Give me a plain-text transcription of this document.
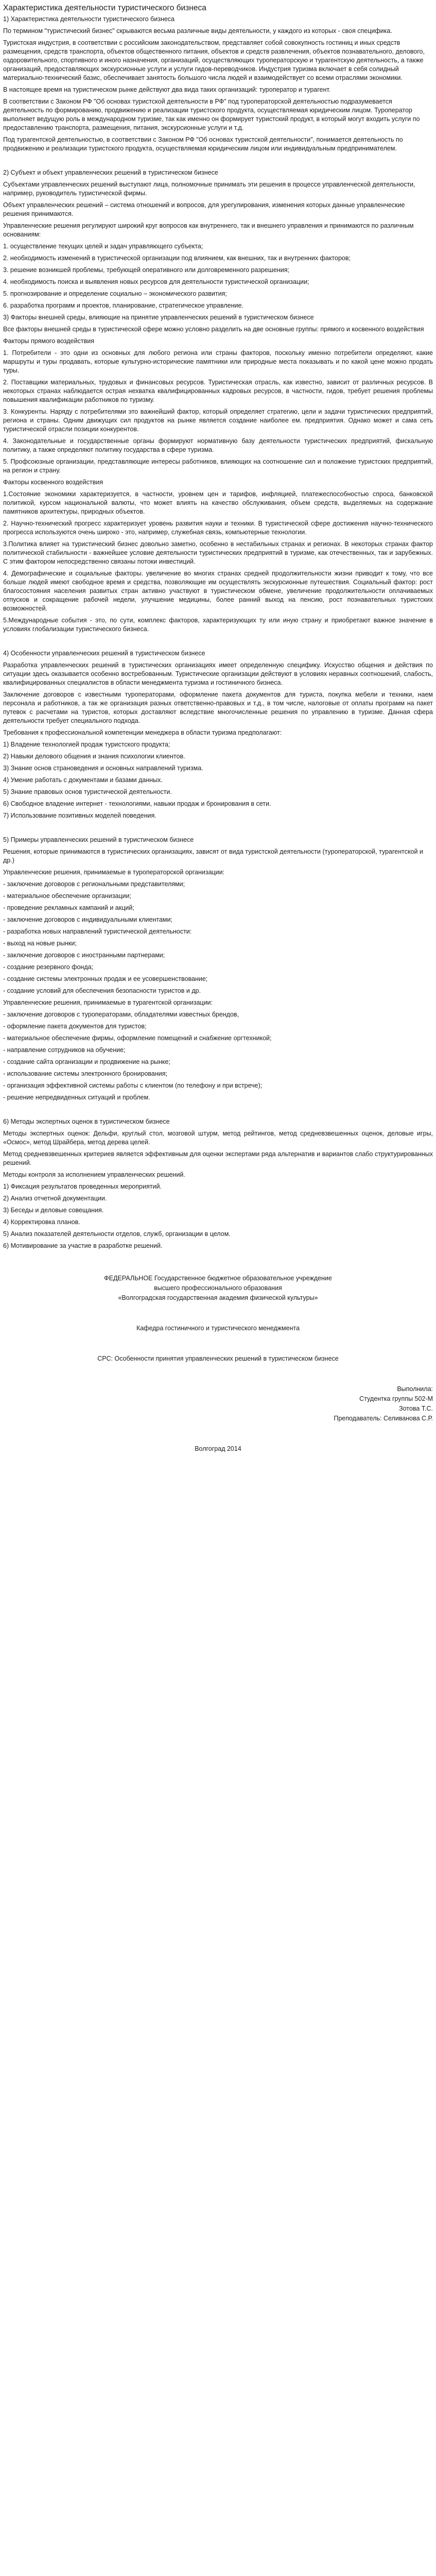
Характеристика деятельности туристического бизнеса
1) Характеристика деятельности туристического бизнеса
По термином "туристический бизнес" скрываются весьма различные виды деятельности, у каждого из которых - своя специфика.
Туристская индустрия, в соответствии с российским законодательством, представляет собой совокупность гостиниц и иных средств размещения, средств транспорта, объектов общественного питания, объектов и средств развлечения, объектов познавательного, делового, оздоровительного, спортивного и иного назначения, организаций, осуществляющих туроператорскую и турагентскую деятельность, а также организаций, предоставляющих экскурсионные услуги и услуги гидов-переводчиков. Индустрия туризма включает в себя солидный материально-технический базис, обеспечивает занятость большого числа людей и взаимодействует со всеми отраслями экономики.
В настоящее время на туристическом рынке действуют два вида таких организаций: туроператор и турагент.
В соответствии с Законом РФ "Об основах туристской деятельности в РФ" под туроператорской деятельностью подразумевается деятельность по формированию, продвижению и реализации туристского продукта, осуществляемая юридическим лицом. Туроператор выполняет ведущую роль в международном туризме, так как именно он формирует туристский продукт, в который могут входить услуги по предоставлению транспорта, размещения, питания, экскурсионные услуги и т.д.
Под турагентской деятельностью, в соответствии с Законом РФ "Об основах туристской деятельности", понимается деятельность по продвижению и реализации туристского продукта, осуществляемая юридическим лицом или индивидуальным предпринимателем.
2) Субъект и объект управленческих решений в туристическом бизнесе
Субъектами управленческих решений выступают лица, полномочные принимать эти решения в процессе управленческой деятельности, например, руководитель туристической фирмы.
Объект управленческих решений – система отношений и вопросов, для урегулирования, изменения которых данные управленческие решения принимаются.
Управленческие решения регулируют широкий круг вопросов как внутреннего, так и внешнего управления и принимаются по различным основаниям:
1. осуществление текущих целей и задач управляющего субъекта;
2. необходимость изменений в туристической организации под влиянием, как внешних, так и внутренних факторов;
3. решение возникшей проблемы, требующей оперативного или долговременного разрешения;
4. необходимость поиска и выявления новых ресурсов для деятельности туристической организации;
5. прогнозирование и определение социально – экономического развития;
6. разработка программ и проектов, планирование, стратегическое управление.
3) Факторы внешней среды, влияющие на принятие управленческих решений в туристическом бизнесе
Все факторы внешней среды в туристической сфере можно условно разделить на две основные группы: прямого и косвенного воздействия
Факторы прямого воздействия
1. Потребители - это одни из основных для любого региона или страны факторов, поскольку именно потребители определяют, какие маршруты и туры продавать, которые культурно-исторические памятники или природные места показывать и по какой цене можно продать туры.
2. Поставщики материальных, трудовых и финансовых ресурсов. Туристическая отрасль, как известно, зависит от различных ресурсов. В некоторых странах наблюдается острая нехватка квалифицированных кадровых ресурсов, в частности, гидов, требует решения проблемы повышения квалификации работников по туризму.
3. Конкуренты. Наряду с потребителями это важнейший фактор, который определяет стратегию, цели и задачи туристических предприятий, региона и страны. Одним движущих сил продуктов на рынке является создание наиболее ем. предприятия. Однако может и сама сеть туристической отрасли позиции конкурентов.
4. Законодательные и государственные органы формируют нормативную базу деятельности туристических предприятий, фискальную политику, а также определяют политику государства в сфере туризма.
5. Профсоюзные организации, представляющие интересы работников, влияющих на соотношение сил и положение туристских предприятий, на регион и страну.
Факторы косвенного воздействия
1.Состояние экономики характеризуется, в частности, уровнем цен и тарифов, инфляцией, платежеспособностью спроса, банковской политикой, курсом национальной валюты, что может влиять на качество обслуживания, объем средств, выделяемых на содержание памятников архитектуры, природных объектов.
2. Научно-технический прогресс характеризует уровень развития науки и техники. В туристической сфере достижения научно-технического прогресса используются очень широко - это, например, служебная связь, компьютерные технологии.
3.Политика влияет на туристический бизнес довольно заметно, особенно в нестабильных странах и регионах. В некоторых странах фактор политической стабильности - важнейшее условие деятельности туристических предприятий в туризме, как отечественных, так и зарубежных. С этим фактором непосредственно связаны потоки инвестиций.
4. Демографические и социальные факторы. увеличение во многих странах средней продолжительности жизни приводит к тому, что все больше людей имеют свободное время и средства, позволяющие им осуществлять экскурсионные путешествия. Социальный фактор: рост благосостояния населения развитых стран активно участвуют в туристическом обмене, увеличение продолжительности оплачиваемых отпусков и сокращение рабочей недели, улучшение медицины, более ранний выход на пенсию, рост познавательных туристских возможностей.
5.Международные события - это, по сути, комплекс факторов, характеризующих ту или иную страну и приобретают важное значение в условиях глобализации туристического бизнеса.
4) Особенности управленческих решений в туристическом бизнесе
Разработка управленческих решений в туристических организациях имеет определенную специфику. Искусство общения и действия по ситуации здесь оказывается особенно востребованным. Туристические организации действуют в условиях неравных соотношений, слабость, квалифицированных специалистов в области менеджмента туризма и гостиничного бизнеса.
Заключение договоров с известными туроператорами, оформление пакета документов для туриста, покупка мебели и техники, наем персонала и работников, а так же организация разных ответственно-правовых и т.д., в том числе, налоговые от оплаты программ на пакет путевок с расчетами на туристов, которых доставляют вследствие многочисленные решения по управлению в туризме. Данная сфера деятельности требует специального подхода.
Требования к профессиональной компетенции менеджера в области туризма предполагают:
1) Владение технологией продаж туристского продукта;
2) Навыки делового общения и знания психологии клиентов.
3) Знание основ страноведения и основных направлений туризма.
4) Умение работать с документами и базами данных.
5) Знание правовых основ туристической деятельности.
6) Свободное владение интернет - технологиями, навыки продаж и бронирования в сети.
7) Использование позитивных моделей поведения.
5) Примеры управленческих решений в туристическом бизнесе
Решения, которые принимаются в туристических организациях, зависят от вида туристской деятельности (туроператорской, турагентской и др.)
Управленческие решения, принимаемые в туроператорской организации:
- заключение договоров с региональными представителями;
- материальное обеспечение организации;
- проведение рекламных кампаний и акций;
- заключение договоров с индивидуальными клиентами;
- разработка новых направлений туристической деятельности:
- выход на новые рынки;
- заключение договоров с иностранными партнерами;
- создание резервного фонда;
- создание системы электронных продаж и ее усовершенствование;
- создание условий для обеспечения безопасности туристов и др.
Управленческие решения, принимаемые в турагентской организации:
- заключение договоров с туроператорами, обладателями известных брендов,
- оформление пакета документов для туристов;
- материальное обеспечение фирмы, оформление помещений и снабжение оргтехникой;
- направление сотрудников на обучение;
- создание сайта организации и продвижение на рынке;
- использование системы электронного бронирования;
- организация эффективной системы работы с клиентом (по телефону и при встрече);
- решение непредвиденных ситуаций и проблем.
6) Методы экспертных оценок в туристическом бизнесе
Методы экспертных оценок: Дельфи, круглый стол, мозговой штурм, метод рейтингов, метод средневзвешенных оценок, деловые игры, «Осмос», метод Шрайбера, метод дерева целей.
Метод средневзвешенных критериев является эффективным для оценки экспертами ряда альтернатив и вариантов слабо структурированных решений.
Методы контроля за исполнением управленческих решений.
1) Фиксация результатов проведенных мероприятий.
2) Анализ отчетной документации.
3) Беседы и деловые совещания.
4) Корректировка планов.
5) Анализ показателей деятельности отделов, служб, организации в целом.
6) Мотивирование за участие в разработке решений.
ФЕДЕРАЛЬНОЕ Государственное бюджетное образовательное учреждение
высшего профессионального образования
«Волгоградская государственная академия физической культуры»
Кафедра гостиничного и туристического менеджмента
СРС: Особенности принятия управленческих решений в туристическом бизнесе
Выполнила:
Студентка группы 502-М
Зотова Т.С.
Преподаватель: Селиванова С.Р.
Волгоград 2014
